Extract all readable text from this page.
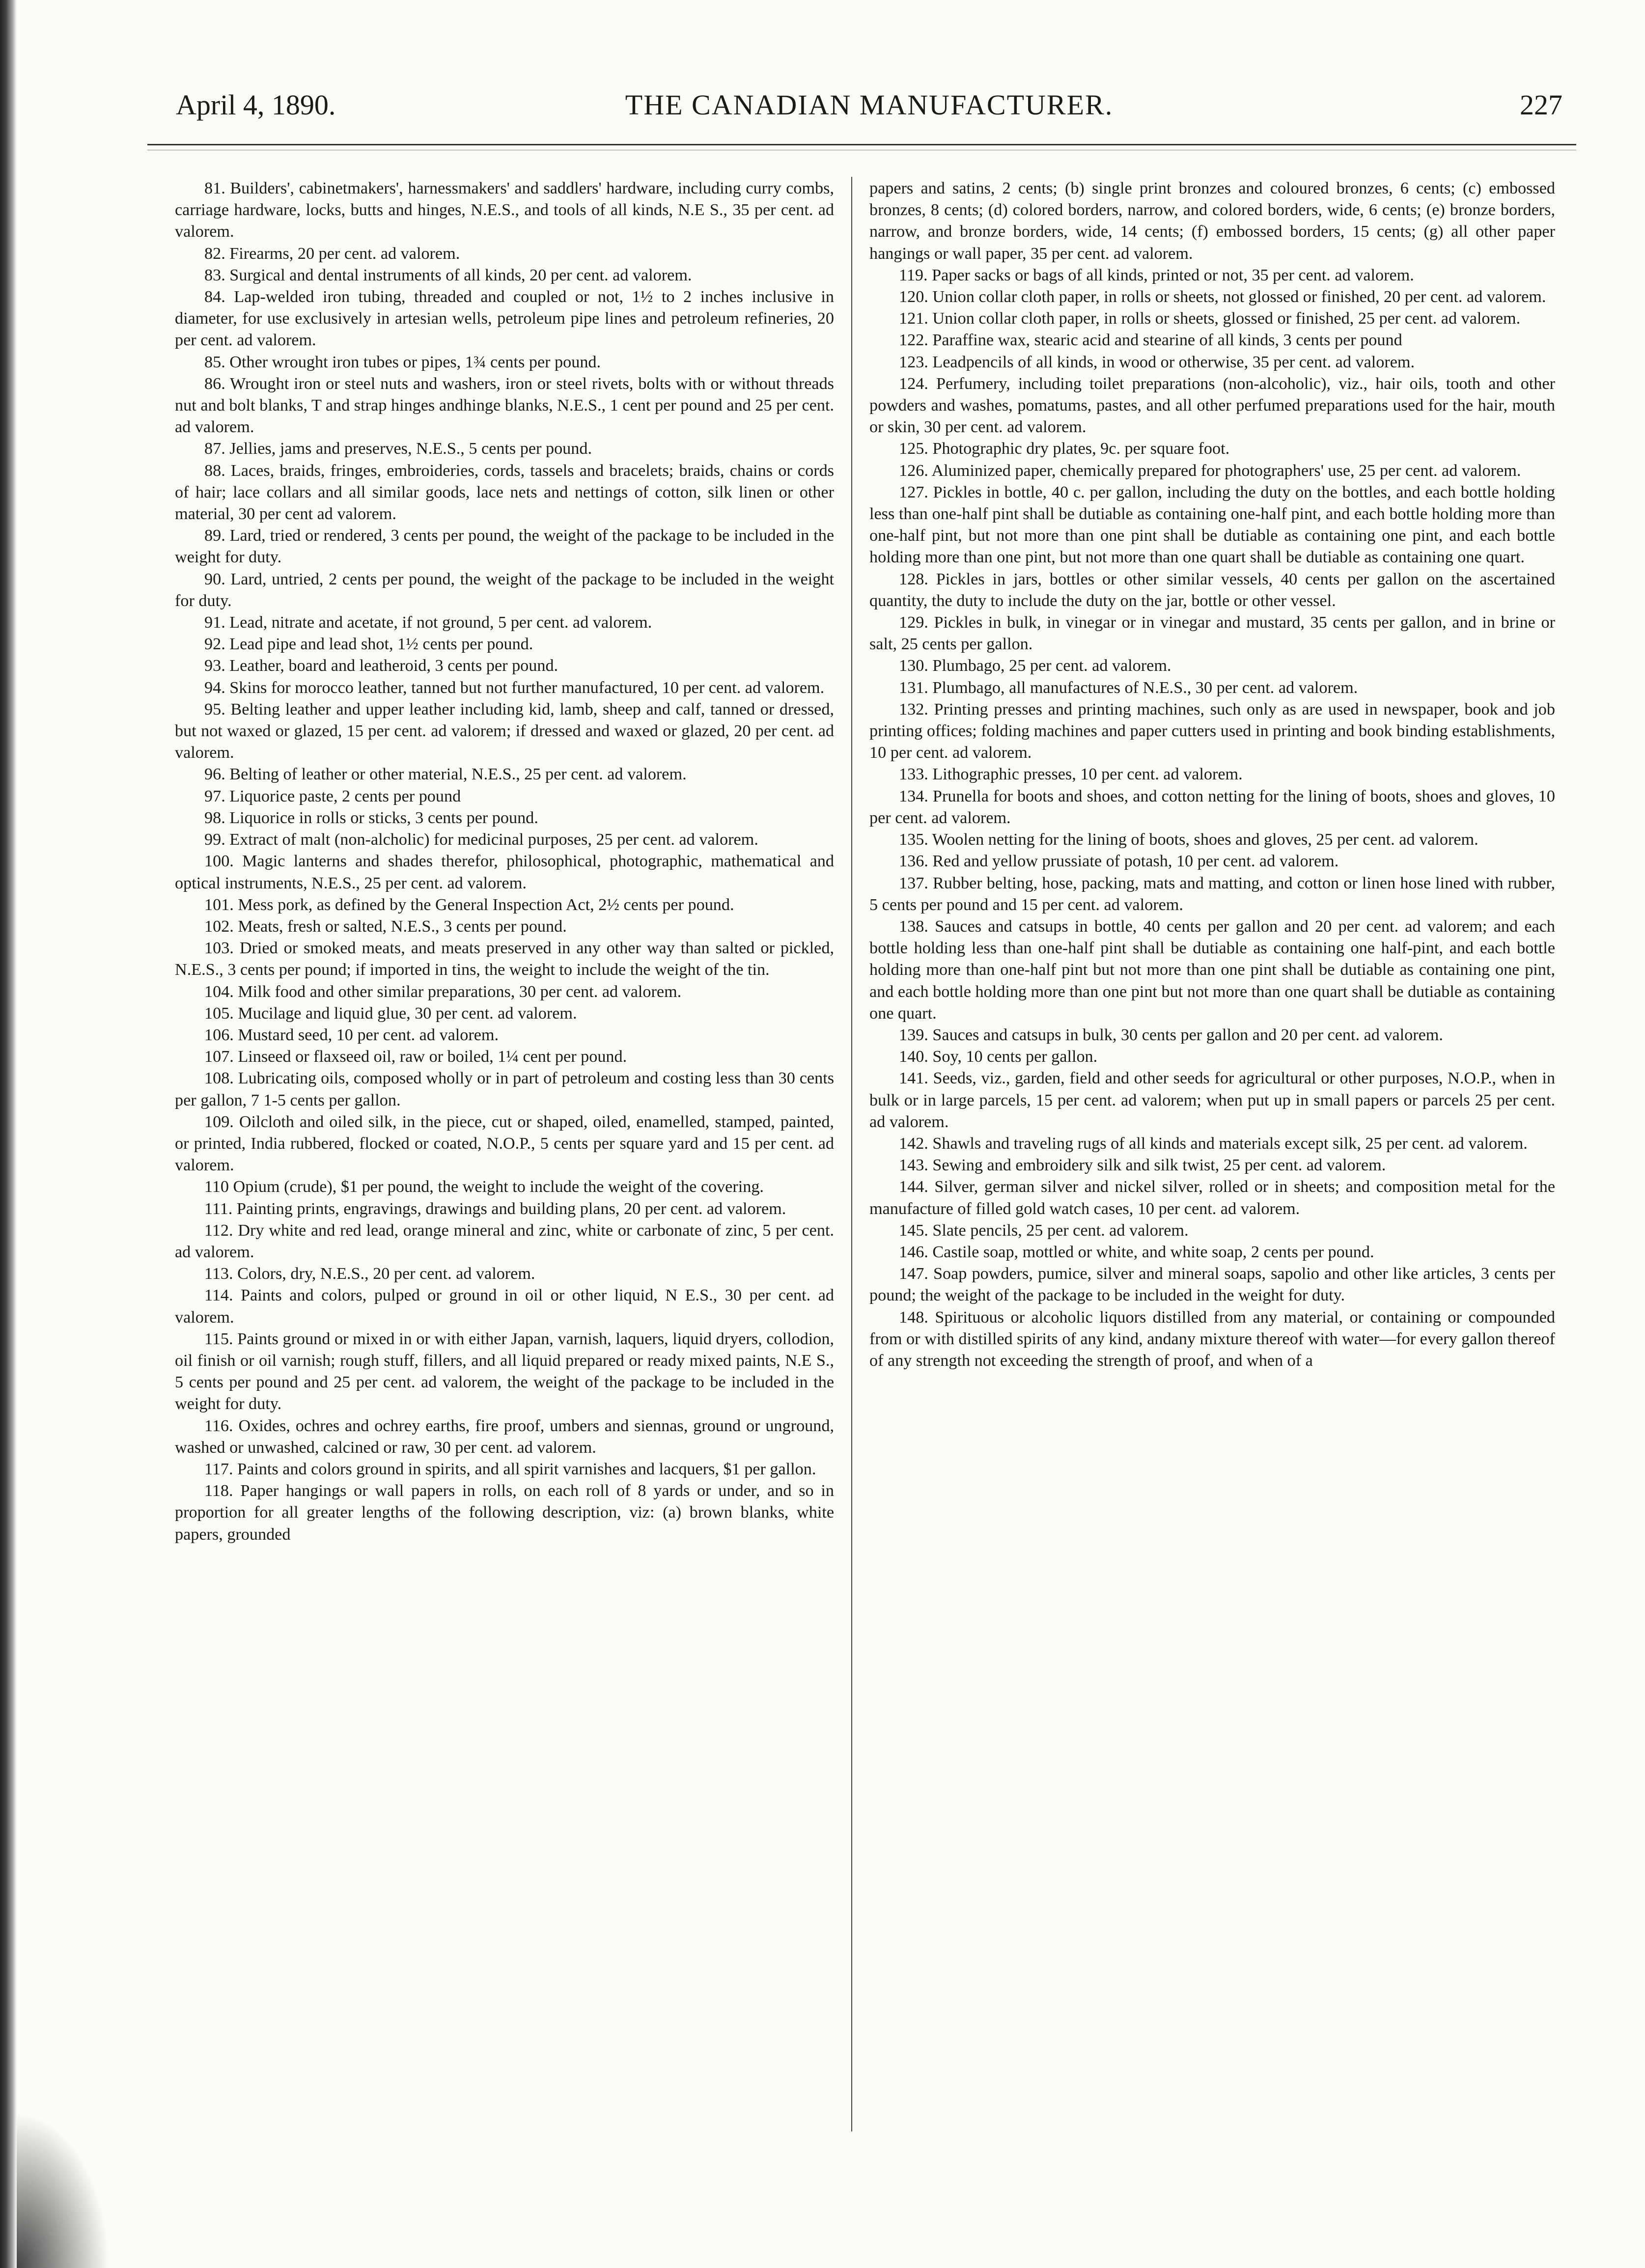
April 4, 1890.	THE CANADIAN MANUFACTURER.	227

81. Builders', cabinetmakers', harnessmakers' and saddlers' hardware, including curry combs, carriage hardware, locks, butts and hinges, N.E.S., and tools of all kinds, N.E S., 35 per cent. ad valorem.

82. Firearms, 20 per cent. ad valorem.

83. Surgical and dental instruments of all kinds, 20 per cent. ad valorem.

84. Lap-welded iron tubing, threaded and coupled or not, 1½ to 2 inches inclusive in diameter, for use exclusively in artesian wells, petroleum pipe lines and petroleum refineries, 20 per cent. ad valorem.

85. Other wrought iron tubes or pipes, 1¾ cents per pound.

86. Wrought iron or steel nuts and washers, iron or steel rivets, bolts with or without threads nut and bolt blanks, T and strap hinges andhinge blanks, N.E.S., 1 cent per pound and 25 per cent. ad valorem.

87. Jellies, jams and preserves, N.E.S., 5 cents per pound.

88. Laces, braids, fringes, embroideries, cords, tassels and bracelets; braids, chains or cords of hair; lace collars and all similar goods, lace nets and nettings of cotton, silk linen or other material, 30 per cent ad valorem.

89. Lard, tried or rendered, 3 cents per pound, the weight of the package to be included in the weight for duty.

90. Lard, untried, 2 cents per pound, the weight of the package to be included in the weight for duty.

91. Lead, nitrate and acetate, if not ground, 5 per cent. ad valorem.

92. Lead pipe and lead shot, 1½ cents per pound.

93. Leather, board and leatheroid, 3 cents per pound.

94. Skins for morocco leather, tanned but not further manufactured, 10 per cent. ad valorem.

95. Belting leather and upper leather including kid, lamb, sheep and calf, tanned or dressed, but not waxed or glazed, 15 per cent. ad valorem; if dressed and waxed or glazed, 20 per cent. ad valorem.

96. Belting of leather or other material, N.E.S., 25 per cent. ad valorem.

97. Liquorice paste, 2 cents per pound

98. Liquorice in rolls or sticks, 3 cents per pound.

99. Extract of malt (non-alcholic) for medicinal purposes, 25 per cent. ad valorem.

100. Magic lanterns and shades therefor, philosophical, photographic, mathematical and optical instruments, N.E.S., 25 per cent. ad valorem.

101. Mess pork, as defined by the General Inspection Act, 2½ cents per pound.

102. Meats, fresh or salted, N.E.S., 3 cents per pound.

103. Dried or smoked meats, and meats preserved in any other way than salted or pickled, N.E.S., 3 cents per pound; if imported in tins, the weight to include the weight of the tin.

104. Milk food and other similar preparations, 30 per cent. ad valorem.

105. Mucilage and liquid glue, 30 per cent. ad valorem.

106. Mustard seed, 10 per cent. ad valorem.

107. Linseed or flaxseed oil, raw or boiled, 1¼ cent per pound.

108. Lubricating oils, composed wholly or in part of petroleum and costing less than 30 cents per gallon, 7 1-5 cents per gallon.

109. Oilcloth and oiled silk, in the piece, cut or shaped, oiled, enamelled, stamped, painted, or printed, India rubbered, flocked or coated, N.O.P., 5 cents per square yard and 15 per cent. ad valorem.

110 Opium (crude), $1 per pound, the weight to include the weight of the covering.

111. Painting prints, engravings, drawings and building plans, 20 per cent. ad valorem.

112. Dry white and red lead, orange mineral and zinc, white or carbonate of zinc, 5 per cent. ad valorem.

113. Colors, dry, N.E.S., 20 per cent. ad valorem.

114. Paints and colors, pulped or ground in oil or other liquid, N E.S., 30 per cent. ad valorem.

115. Paints ground or mixed in or with either Japan, varnish, laquers, liquid dryers, collodion, oil finish or oil varnish; rough stuff, fillers, and all liquid prepared or ready mixed paints, N.E S., 5 cents per pound and 25 per cent. ad valorem, the weight of the package to be included in the weight for duty.

116. Oxides, ochres and ochrey earths, fire proof, umbers and siennas, ground or unground, washed or unwashed, calcined or raw, 30 per cent. ad valorem.

117. Paints and colors ground in spirits, and all spirit varnishes and lacquers, $1 per gallon.

118. Paper hangings or wall papers in rolls, on each roll of 8 yards or under, and so in proportion for all greater lengths of the following description, viz: (a) brown blanks, white papers, grounded

papers and satins, 2 cents; (b) single print bronzes and coloured bronzes, 6 cents; (c) embossed bronzes, 8 cents; (d) colored borders, narrow, and colored borders, wide, 6 cents; (e) bronze borders, narrow, and bronze borders, wide, 14 cents; (f) embossed borders, 15 cents; (g) all other paper hangings or wall paper, 35 per cent. ad valorem.

119. Paper sacks or bags of all kinds, printed or not, 35 per cent. ad valorem.

120. Union collar cloth paper, in rolls or sheets, not glossed or finished, 20 per cent. ad valorem.

121. Union collar cloth paper, in rolls or sheets, glossed or finished, 25 per cent. ad valorem.

122. Paraffine wax, stearic acid and stearine of all kinds, 3 cents per pound

123. Leadpencils of all kinds, in wood or otherwise, 35 per cent. ad valorem.

124. Perfumery, including toilet preparations (non-alcoholic), viz., hair oils, tooth and other powders and washes, pomatums, pastes, and all other perfumed preparations used for the hair, mouth or skin, 30 per cent. ad valorem.

125. Photographic dry plates, 9c. per square foot.

126. Aluminized paper, chemically prepared for photographers' use, 25 per cent. ad valorem.

127. Pickles in bottle, 40 c. per gallon, including the duty on the bottles, and each bottle holding less than one-half pint shall be dutiable as containing one-half pint, and each bottle holding more than one-half pint, but not more than one pint shall be dutiable as containing one pint, and each bottle holding more than one pint, but not more than one quart shall be dutiable as containing one quart.

128. Pickles in jars, bottles or other similar vessels, 40 cents per gallon on the ascertained quantity, the duty to include the duty on the jar, bottle or other vessel.

129. Pickles in bulk, in vinegar or in vinegar and mustard, 35 cents per gallon, and in brine or salt, 25 cents per gallon.

130. Plumbago, 25 per cent. ad valorem.

131. Plumbago, all manufactures of N.E.S., 30 per cent. ad valorem.

132. Printing presses and printing machines, such only as are used in newspaper, book and job printing offices; folding machines and paper cutters used in printing and book binding establishments, 10 per cent. ad valorem.

133. Lithographic presses, 10 per cent. ad valorem.

134. Prunella for boots and shoes, and cotton netting for the lining of boots, shoes and gloves, 10 per cent. ad valorem.

135. Woolen netting for the lining of boots, shoes and gloves, 25 per cent. ad valorem.

136. Red and yellow prussiate of potash, 10 per cent. ad valorem.

137. Rubber belting, hose, packing, mats and matting, and cotton or linen hose lined with rubber, 5 cents per pound and 15 per cent. ad valorem.

138. Sauces and catsups in bottle, 40 cents per gallon and 20 per cent. ad valorem; and each bottle holding less than one-half pint shall be dutiable as containing one half-pint, and each bottle holding more than one-half pint but not more than one pint shall be dutiable as containing one pint, and each bottle holding more than one pint but not more than one quart shall be dutiable as containing one quart.

139. Sauces and catsups in bulk, 30 cents per gallon and 20 per cent. ad valorem.

140. Soy, 10 cents per gallon.

141. Seeds, viz., garden, field and other seeds for agricultural or other purposes, N.O.P., when in bulk or in large parcels, 15 per cent. ad valorem; when put up in small papers or parcels 25 per cent. ad valorem.

142. Shawls and traveling rugs of all kinds and materials except silk, 25 per cent. ad valorem.

143. Sewing and embroidery silk and silk twist, 25 per cent. ad valorem.

144. Silver, german silver and nickel silver, rolled or in sheets; and composition metal for the manufacture of filled gold watch cases, 10 per cent. ad valorem.

145. Slate pencils, 25 per cent. ad valorem.

146. Castile soap, mottled or white, and white soap, 2 cents per pound.

147. Soap powders, pumice, silver and mineral soaps, sapolio and other like articles, 3 cents per pound; the weight of the package to be included in the weight for duty.

148. Spirituous or alcoholic liquors distilled from any material, or containing or compounded from or with distilled spirits of any kind, andany mixture thereof with water—for every gallon thereof of any strength not exceeding the strength of proof, and when of a
